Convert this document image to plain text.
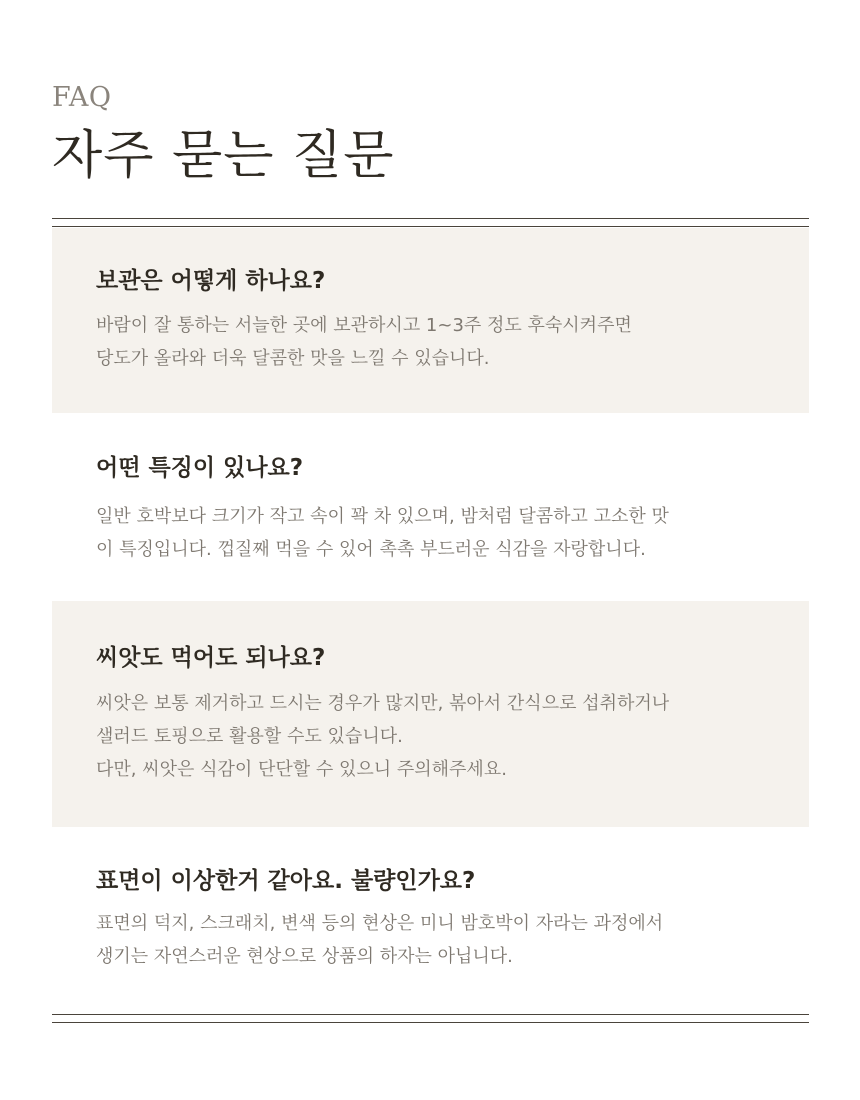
FAQ
자주 묻는 질문
보관은 어떻게 하나요?

바람이 잘 통하는 서늘한 곳에 보관하시고 1~3주 정도 후숙시켜주면
당도가 올라와 더욱 달콤한 맛을 느낄 수 있습니다.

어떤 특징이 있나요?

일반 호박보다 크기가 작고 속이 꽉 차 있으며, 밤처럼 달콤하고 고소한 맛
이 특징입니다. 껍질째 먹을 수 있어 촉촉 부드러운 식감을 자랑합니다.

씨앗도 먹어도 되나요?

씨앗은 보통 제거하고 드시는 경우가 많지만, 볶아서 간식으로 섭취하거나
샐러드 토핑으로 활용할 수도 있습니다.
다만, 씨앗은 식감이 단단할 수 있으니 주의해주세요.

표면이 이상한거 같아요. 불량인가요?

표면의 덕지, 스크래치, 변색 등의 현상은 미니 밤호박이 자라는 과정에서
생기는 자연스러운 현상으로 상품의 하자는 아닙니다.
